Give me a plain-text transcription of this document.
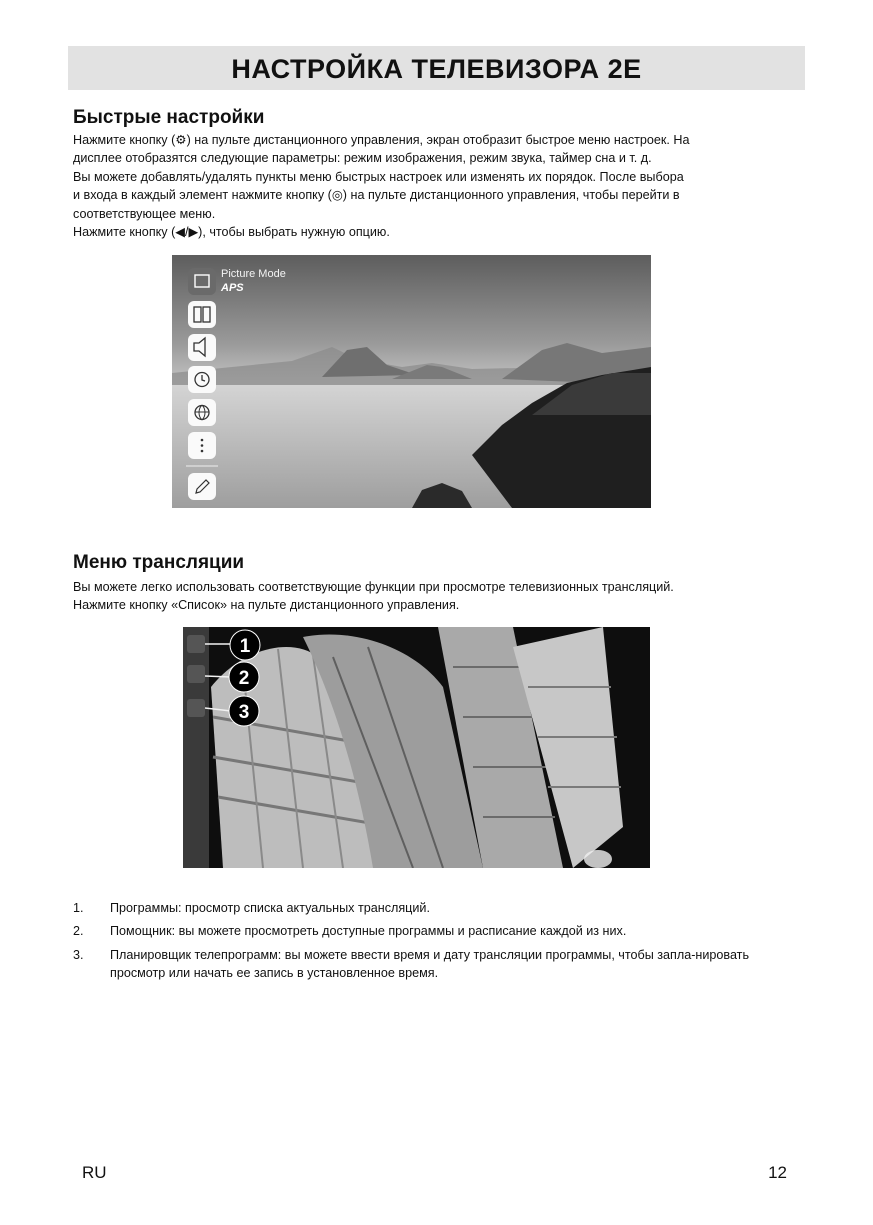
НАСТРОЙКА ТЕЛЕВИЗОРА 2E
Быстрые настройки

Нажмите кнопку (⚙) на пульте дистанционного управления, экран отобразит быстрое меню настроек. На

дисплее отобразятся следующие параметры: режим изображения, режим звука, таймер сна и т. д.

Вы можете добавлять/удалять пункты меню быстрых настроек или изменять их порядок. После выбора

и входа в каждый элемент нажмите кнопку (◎) на пульте дистанционного управления, чтобы перейти в

соответствующее меню.

Нажмите кнопку (◀/▶), чтобы выбрать нужную опцию.

Picture Mode
APS
Меню трансляции

Вы можете легко использовать соответствующие функции при просмотре телевизионных трансляций.

Нажмите кнопку «Список» на пульте дистанционного управления.

1
2
3
1. Программы: просмотр списка актуальных трансляций.
2. Помощник: вы можете просмотреть доступные программы и расписание каждой из них.
3. Планировщик телепрограмм: вы можете ввести время и дату трансляции программы, чтобы запла-нировать просмотр или начать ее запись в установленное время.
RU	12
